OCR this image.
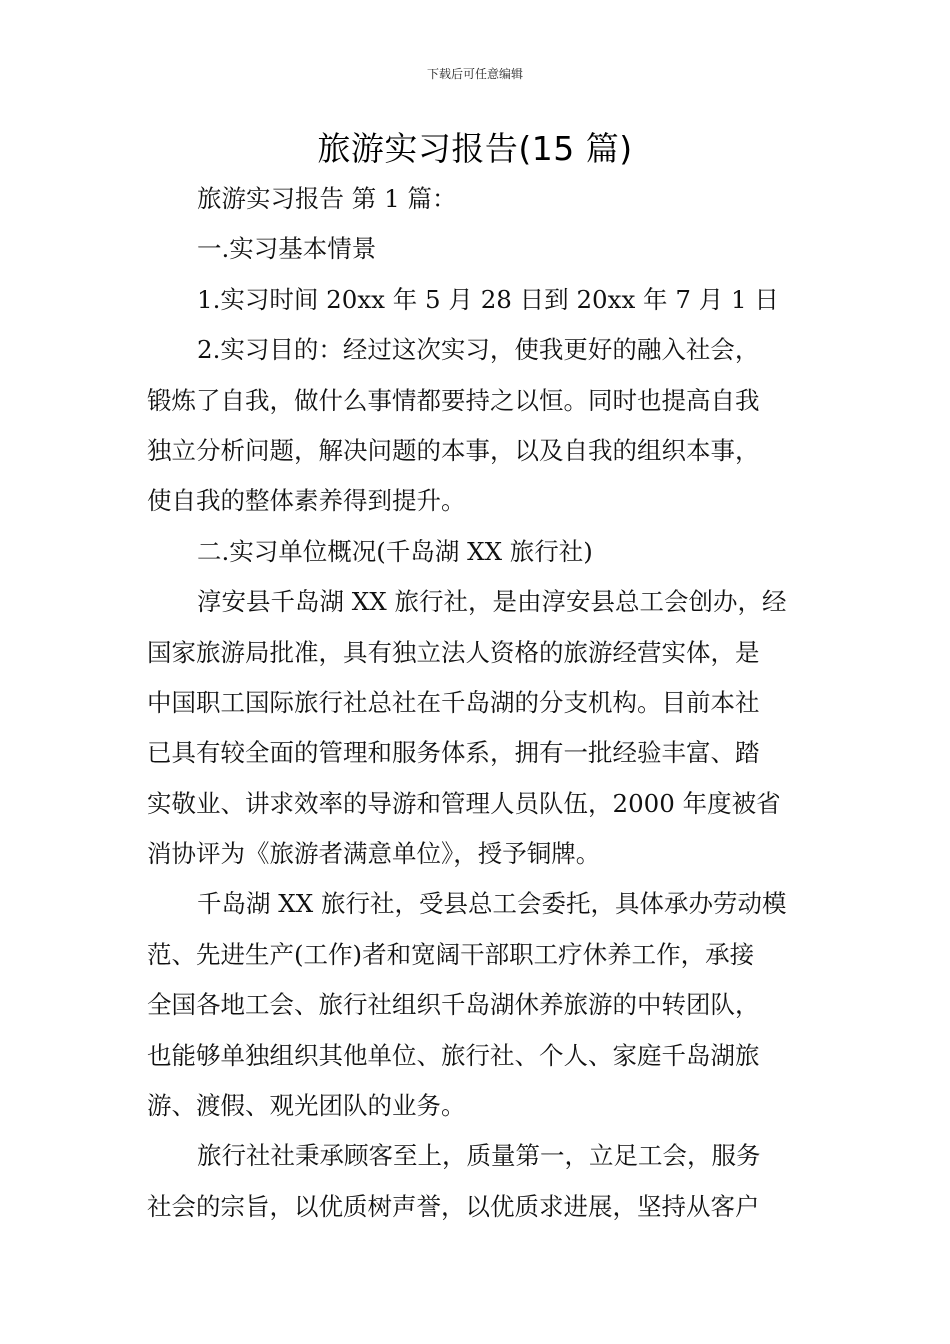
下载后可任意编辑
旅游实习报告(15 篇)
旅游实习报告 第 1 篇：
一.实习基本情景
1.实习时间 20xx 年 5 月 28 日到 20xx 年 7 月 1 日
2.实习目的：经过这次实习，使我更好的融入社会，
锻炼了自我，做什么事情都要持之以恒。同时也提高自我
独立分析问题，解决问题的本事，以及自我的组织本事，
使自我的整体素养得到提升。
二.实习单位概况(千岛湖 XX 旅行社)
淳安县千岛湖 XX 旅行社，是由淳安县总工会创办，经
国家旅游局批准，具有独立法人资格的旅游经营实体，是
中国职工国际旅行社总社在千岛湖的分支机构。目前本社
已具有较全面的管理和服务体系，拥有一批经验丰富、踏
实敬业、讲求效率的导游和管理人员队伍，2000 年度被省
消协评为《旅游者满意单位》，授予铜牌。
千岛湖 XX 旅行社，受县总工会委托，具体承办劳动模
范、先进生产(工作)者和宽阔干部职工疗休养工作，承接
全国各地工会、旅行社组织千岛湖休养旅游的中转团队，
也能够单独组织其他单位、旅行社、个人、家庭千岛湖旅
游、渡假、观光团队的业务。
旅行社社秉承顾客至上，质量第一，立足工会，服务
社会的宗旨，以优质树声誉，以优质求进展，坚持从客户
